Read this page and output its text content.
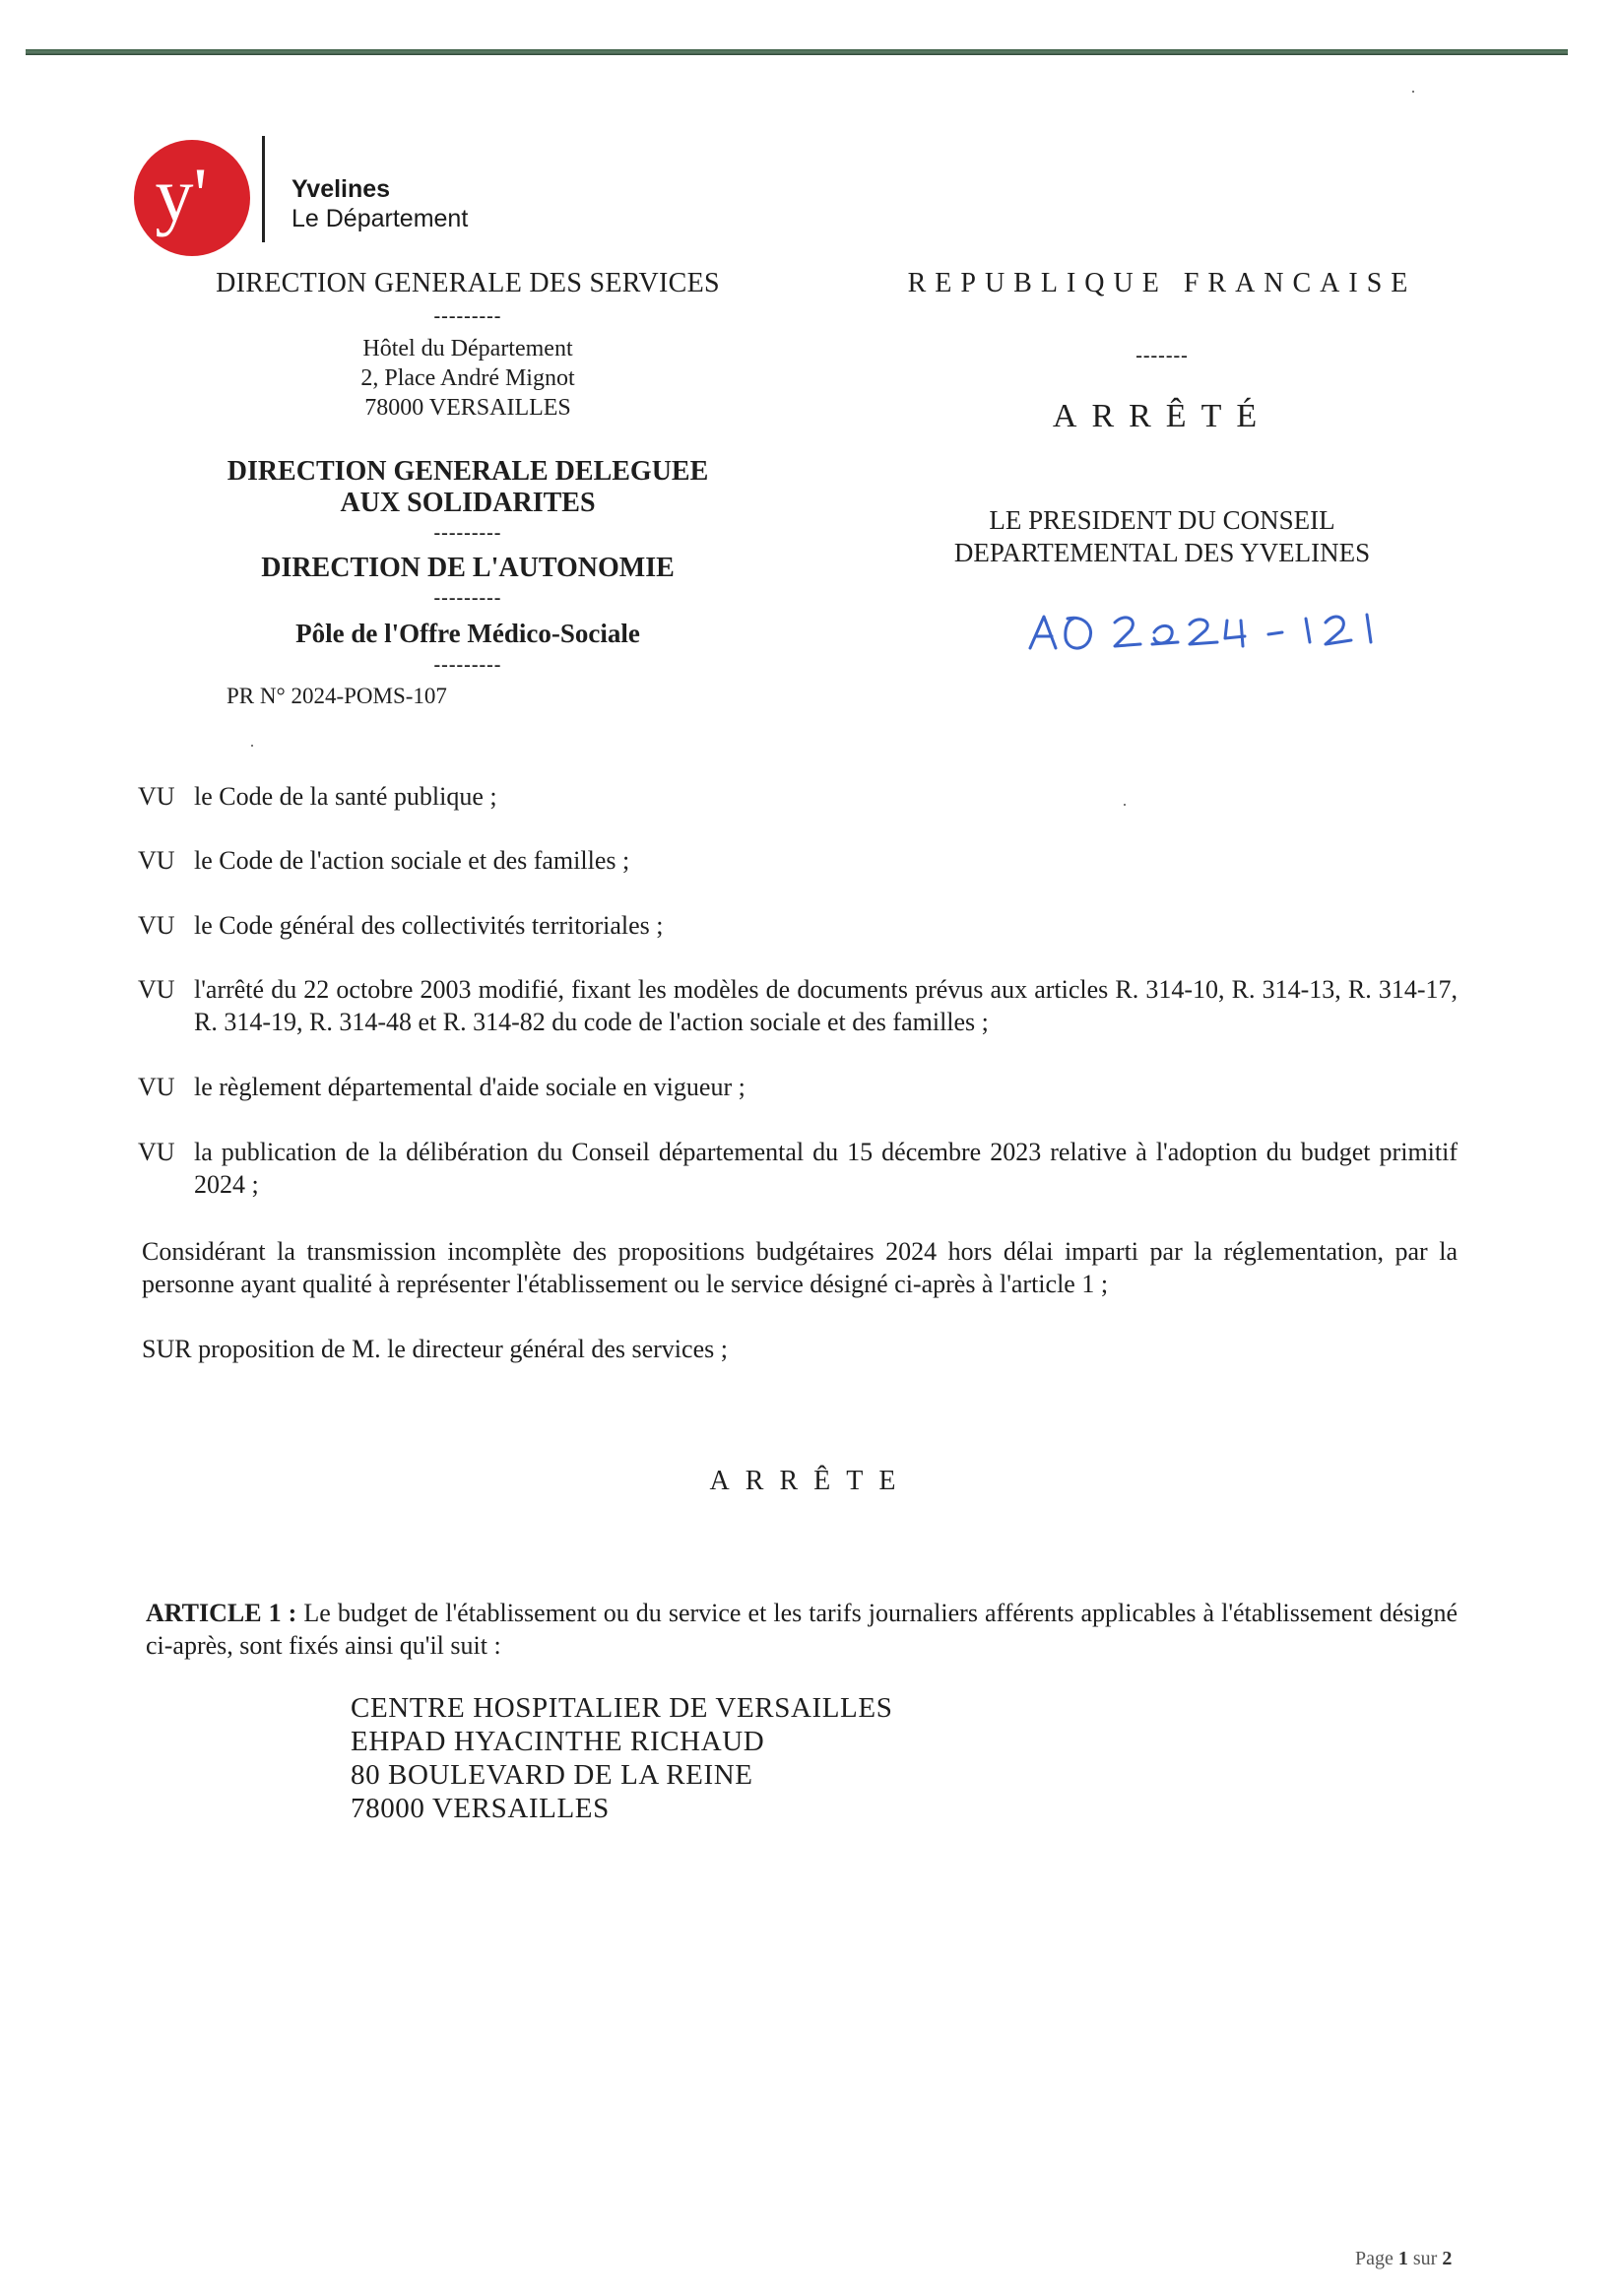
y'	Yvelines
Le Département
DIRECTION GENERALE DES SERVICES
---------
Hôtel du Département
2, Place André Mignot
78000 VERSAILLES
DIRECTION GENERALE DELEGUEE
AUX SOLIDARITES
---------
DIRECTION DE L'AUTONOMIE
---------
Pôle de l'Offre Médico-Sociale
---------
PR N° 2024-POMS-107
REPUBLIQUE FRANCAISE
-------
ARRÊTÉ
LE PRESIDENT DU CONSEIL
DEPARTEMENTAL DES YVELINES
VU le Code de la santé publique ;
VU le Code de l'action sociale et des familles ;
VU le Code général des collectivités territoriales ;
VU l'arrêté du 22 octobre 2003 modifié, fixant les modèles de documents prévus aux articles R. 314-10, R. 314-13, R. 314-17, R. 314-19, R. 314-48 et R. 314-82 du code de l'action sociale et des familles ;
VU le règlement départemental d'aide sociale en vigueur ;
VU la publication de la délibération du Conseil départemental du 15 décembre 2023 relative à l'adoption du budget primitif 2024 ;
Considérant la transmission incomplète des propositions budgétaires 2024 hors délai imparti par la réglementation, par la personne ayant qualité à représenter l'établissement ou le service désigné ci-après à l'article 1 ;
SUR proposition de M. le directeur général des services ;
ARRÊTE
ARTICLE 1 : Le budget de l'établissement ou du service et les tarifs journaliers afférents applicables à l'établissement désigné ci-après, sont fixés ainsi qu'il suit :
CENTRE HOSPITALIER DE VERSAILLES
EHPAD HYACINTHE RICHAUD
80 BOULEVARD DE LA REINE
78000 VERSAILLES
Page 1 sur 2
